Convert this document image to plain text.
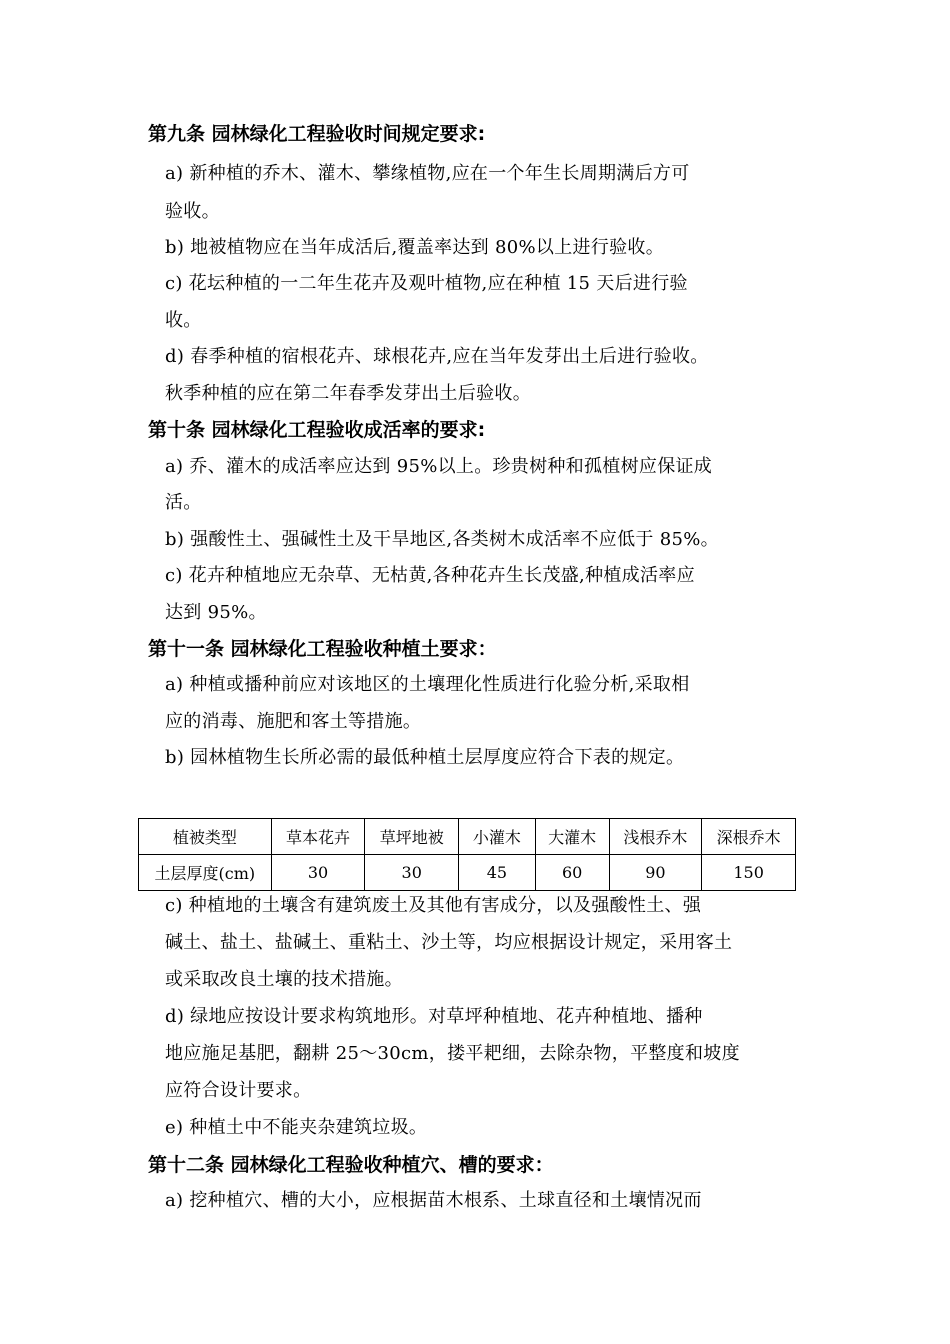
第九条 园林绿化工程验收时间规定要求:
a) 新种植的乔木、灌木、攀缘植物,应在一个年生长周期满后方可
验收。
b) 地被植物应在当年成活后,覆盖率达到 80%以上进行验收。
c) 花坛种植的一二年生花卉及观叶植物,应在种植 15 天后进行验
收。
d) 春季种植的宿根花卉、球根花卉,应在当年发芽出土后进行验收。
秋季种植的应在第二年春季发芽出土后验收。
第十条 园林绿化工程验收成活率的要求:
a) 乔、灌木的成活率应达到 95%以上。珍贵树种和孤植树应保证成
活。
b) 强酸性土、强碱性土及干旱地区,各类树木成活率不应低于 85%。
c) 花卉种植地应无杂草、无枯黄,各种花卉生长茂盛,种植成活率应
达到 95%。
第十一条 园林绿化工程验收种植土要求：
a) 种植或播种前应对该地区的土壤理化性质进行化验分析,采取相
应的消毒、施肥和客土等措施。
b) 园林植物生长所必需的最低种植土层厚度应符合下表的规定。
植被类型	草本花卉	草坪地被	小灌木	大灌木	浅根乔木	深根乔木
土层厚度(cm)	30	30	45	60	90	150
c) 种植地的土壤含有建筑废土及其他有害成分，以及强酸性土、强
碱土、盐土、盐碱土、重粘土、沙土等，均应根据设计规定，采用客土
或采取改良土壤的技术措施。
d) 绿地应按设计要求构筑地形。对草坪种植地、花卉种植地、播种
地应施足基肥，翻耕 25～30cm，搂平耙细，去除杂物，平整度和坡度
应符合设计要求。
e) 种植土中不能夹杂建筑垃圾。
第十二条 园林绿化工程验收种植穴、槽的要求：
a) 挖种植穴、槽的大小，应根据苗木根系、土球直径和土壤情况而
